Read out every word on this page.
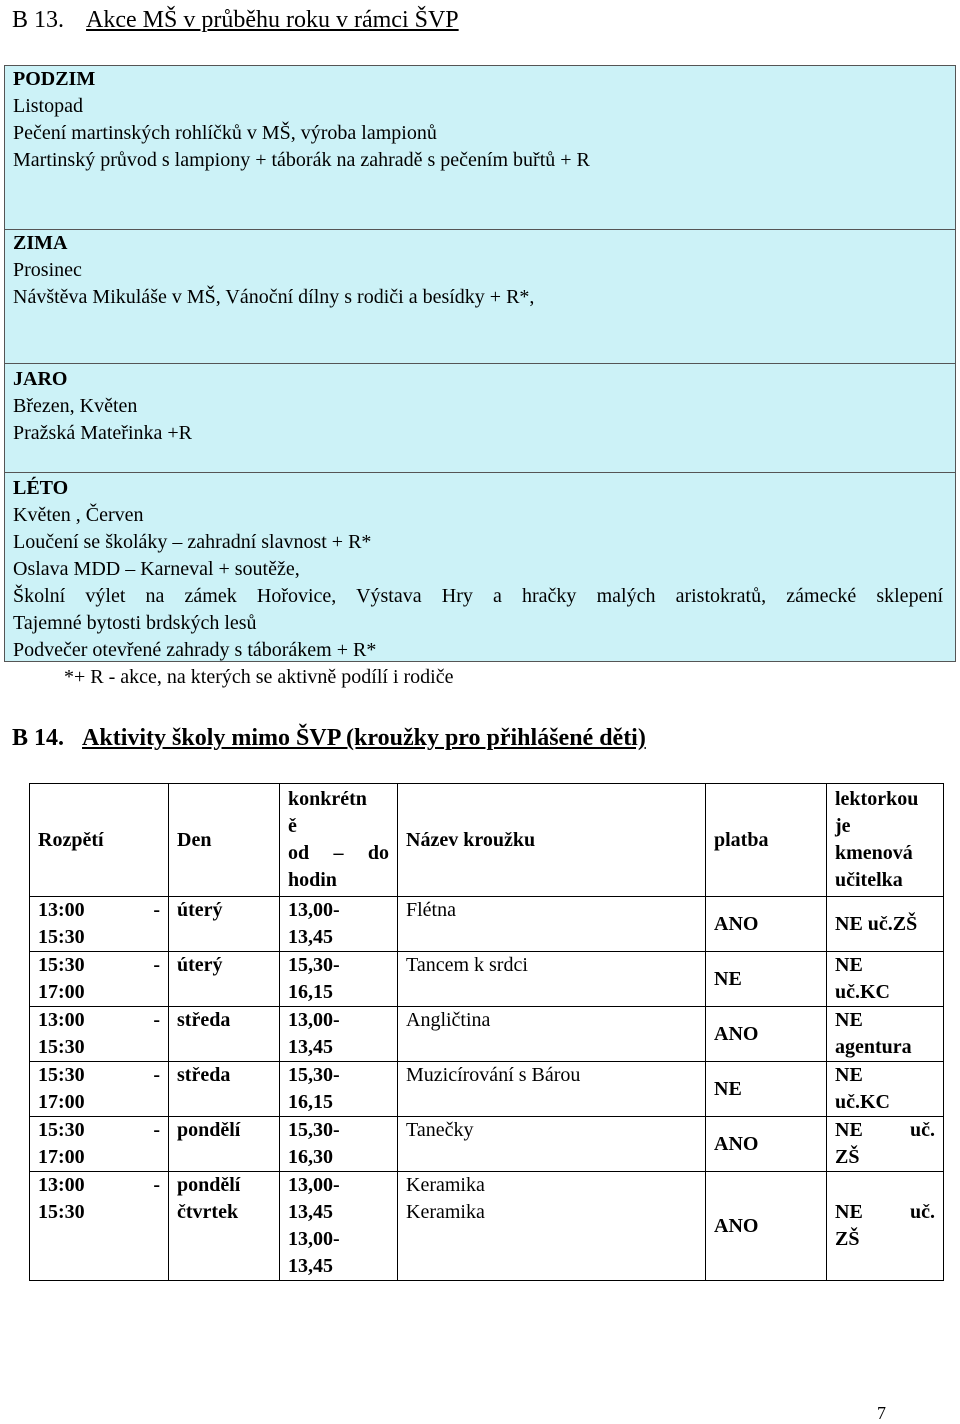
B 13. Akce MŠ v průběhu roku v rámci ŠVP
PODZIM
Listopad
Pečení martinských rohlíčků v MŠ, výroba lampionů
Martinský průvod s lampiony + táborák na zahradě s pečením buřtů + R
ZIMA
Prosinec
Návštěva Mikuláše v MŠ, Vánoční dílny s rodiči a besídky + R*,
JARO
Březen, Květen
Pražská Mateřinka +R
LÉTO
Květen , Červen
Loučení se školáky – zahradní slavnost + R*
Oslava MDD – Karneval + soutěže,
Školní výlet na zámek Hořovice, Výstava Hry a hračky malých aristokratů, zámecké sklepení
Tajemné bytosti brdských lesů
Podvečer otevřené zahrady s táborákem + R*
*+ R - akce, na kterých se aktivně podílí i rodiče
B 14. Aktivity školy mimo ŠVP (kroužky pro přihlášené děti)
Rozpětí	Den	konkrétn
ě
od – do
hodin	Název kroužku	platba	lektorkou
je
kmenová
učitelka

13:00 -
15:30	úterý	13,00-
13,45	Flétna	ANO	NE uč.ZŠ

15:30 -
17:00	úterý	15,30-
16,15	Tancem k srdci	NE	NE
uč.KC

13:00 -
15:30	středa	13,00-
13,45	Angličtina	ANO	NE
agentura

15:30 -
17:00	středa	15,30-
16,15	Muzicírování s Bárou	NE	NE
uč.KC

15:30 -
17:00	pondělí	15,30-
16,30	Tanečky	ANO	NE uč.
ZŠ

13:00 -
15:30	pondělí
čtvrtek	13,00-
13,45
13,00-
13,45	Keramika
Keramika	ANO	NE uč.
ZŠ
7
